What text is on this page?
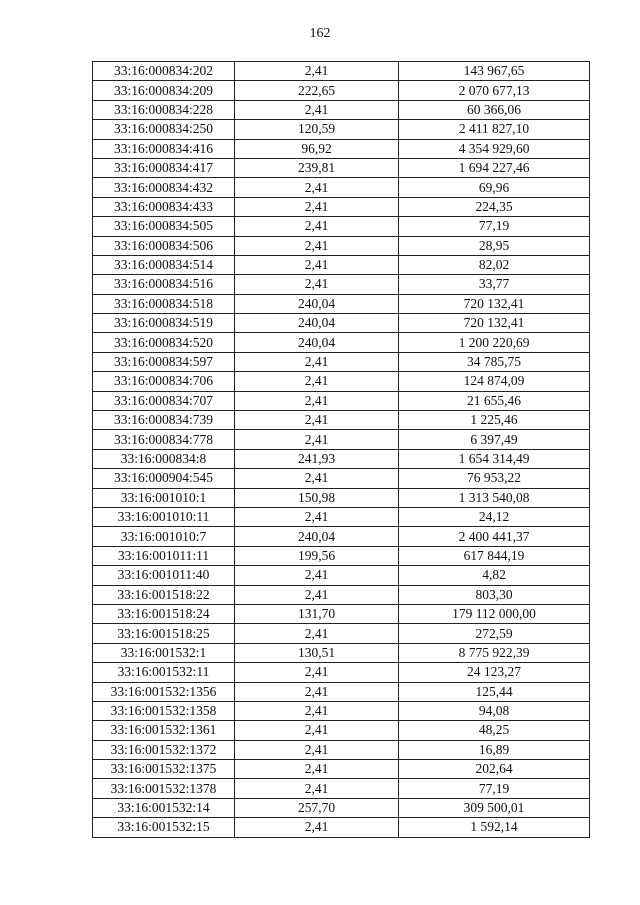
162
33:16:000834:202	2,41	143 967,65
33:16:000834:209	222,65	2 070 677,13
33:16:000834:228	2,41	60 366,06
33:16:000834:250	120,59	2 411 827,10
33:16:000834:416	96,92	4 354 929,60
33:16:000834:417	239,81	1 694 227,46
33:16:000834:432	2,41	69,96
33:16:000834:433	2,41	224,35
33:16:000834:505	2,41	77,19
33:16:000834:506	2,41	28,95
33:16:000834:514	2,41	82,02
33:16:000834:516	2,41	33,77
33:16:000834:518	240,04	720 132,41
33:16:000834:519	240,04	720 132,41
33:16:000834:520	240,04	1 200 220,69
33:16:000834:597	2,41	34 785,75
33:16:000834:706	2,41	124 874,09
33:16:000834:707	2,41	21 655,46
33:16:000834:739	2,41	1 225,46
33:16:000834:778	2,41	6 397,49
33:16:000834:8	241,93	1 654 314,49
33:16:000904:545	2,41	76 953,22
33:16:001010:1	150,98	1 313 540,08
33:16:001010:11	2,41	24,12
33:16:001010:7	240,04	2 400 441,37
33:16:001011:11	199,56	617 844,19
33:16:001011:40	2,41	4,82
33:16:001518:22	2,41	803,30
33:16:001518:24	131,70	179 112 000,00
33:16:001518:25	2,41	272,59
33:16:001532:1	130,51	8 775 922,39
33:16:001532:11	2,41	24 123,27
33:16:001532:1356	2,41	125,44
33:16:001532:1358	2,41	94,08
33:16:001532:1361	2,41	48,25
33:16:001532:1372	2,41	16,89
33:16:001532:1375	2,41	202,64
33:16:001532:1378	2,41	77,19
33:16:001532:14	257,70	309 500,01
33:16:001532:15	2,41	1 592,14
